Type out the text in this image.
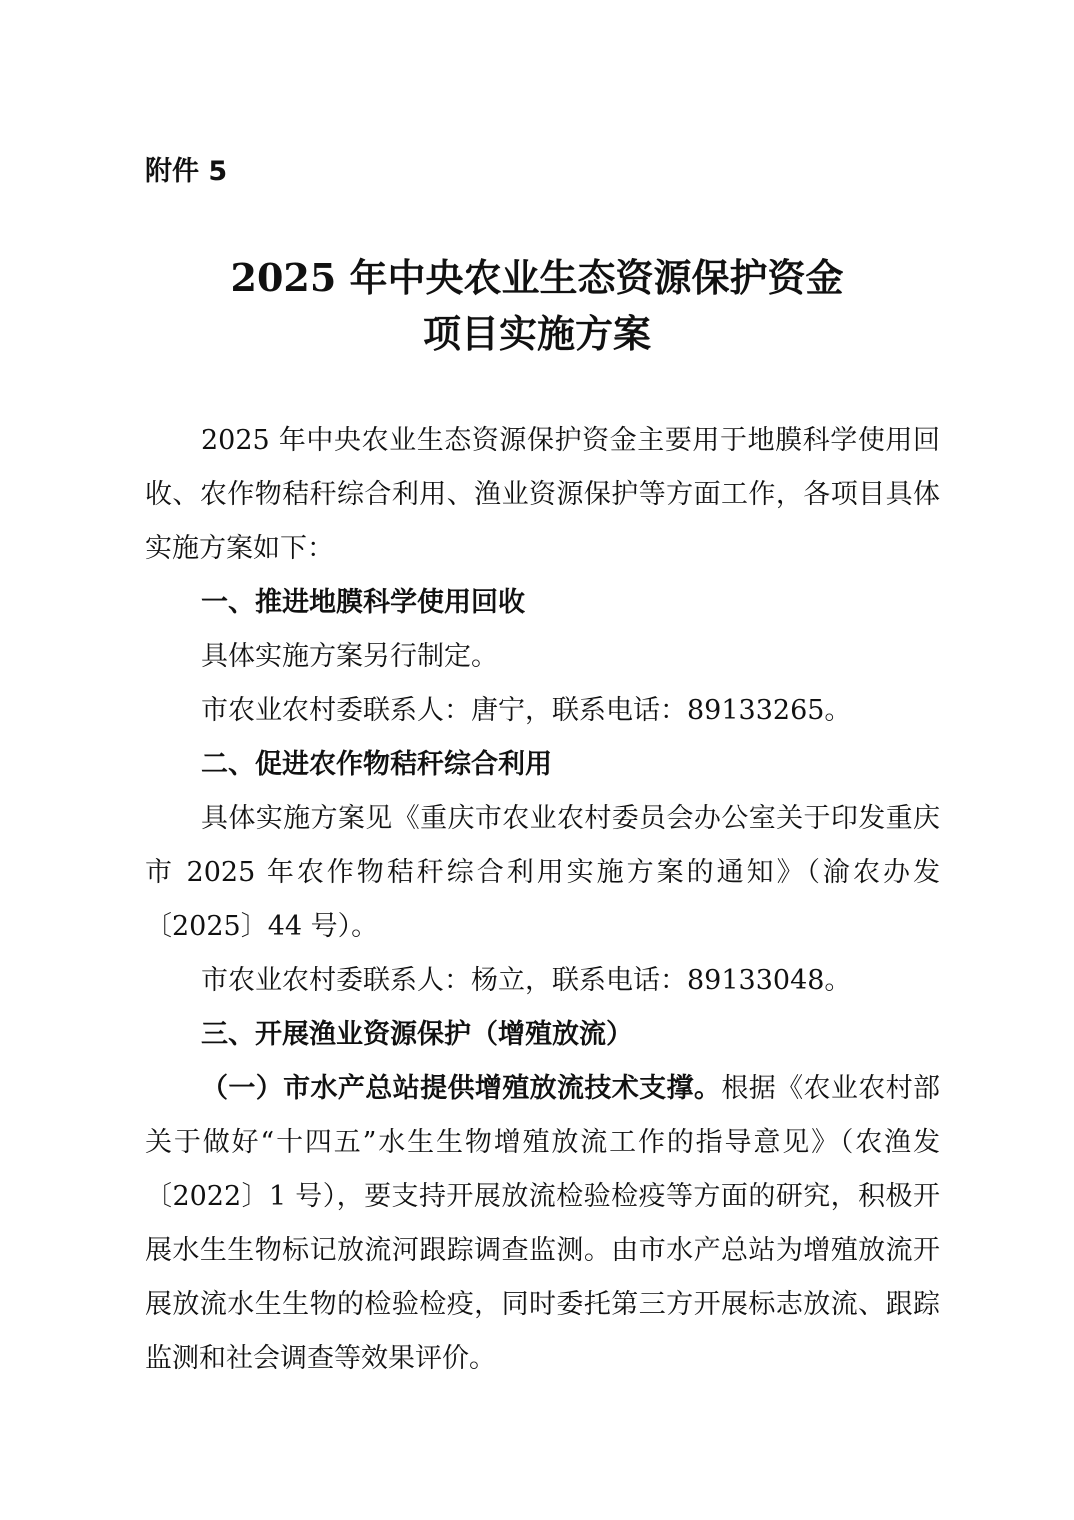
附件 5

2025 年中央农业生态资源保护资金
项目实施方案

2025 年中央农业生态资源保护资金主要用于地膜科学使用回收、农作物秸秆综合利用、渔业资源保护等方面工作，各项目具体实施方案如下：

一、推进地膜科学使用回收

具体实施方案另行制定。

市农业农村委联系人：唐宁，联系电话：89133265。

二、促进农作物秸秆综合利用

具体实施方案见《重庆市农业农村委员会办公室关于印发重庆市 2025 年农作物秸秆综合利用实施方案的通知》（渝农办发〔2025〕44 号）。

市农业农村委联系人：杨立，联系电话：89133048。

三、开展渔业资源保护（增殖放流）

（一）市水产总站提供增殖放流技术支撑。根据《农业农村部关于做好“十四五”水生生物增殖放流工作的指导意见》（农渔发〔2022〕1 号），要支持开展放流检验检疫等方面的研究，积极开展水生生物标记放流河跟踪调查监测。由市水产总站为增殖放流开展放流水生生物的检验检疫，同时委托第三方开展标志放流、跟踪监测和社会调查等效果评价。
